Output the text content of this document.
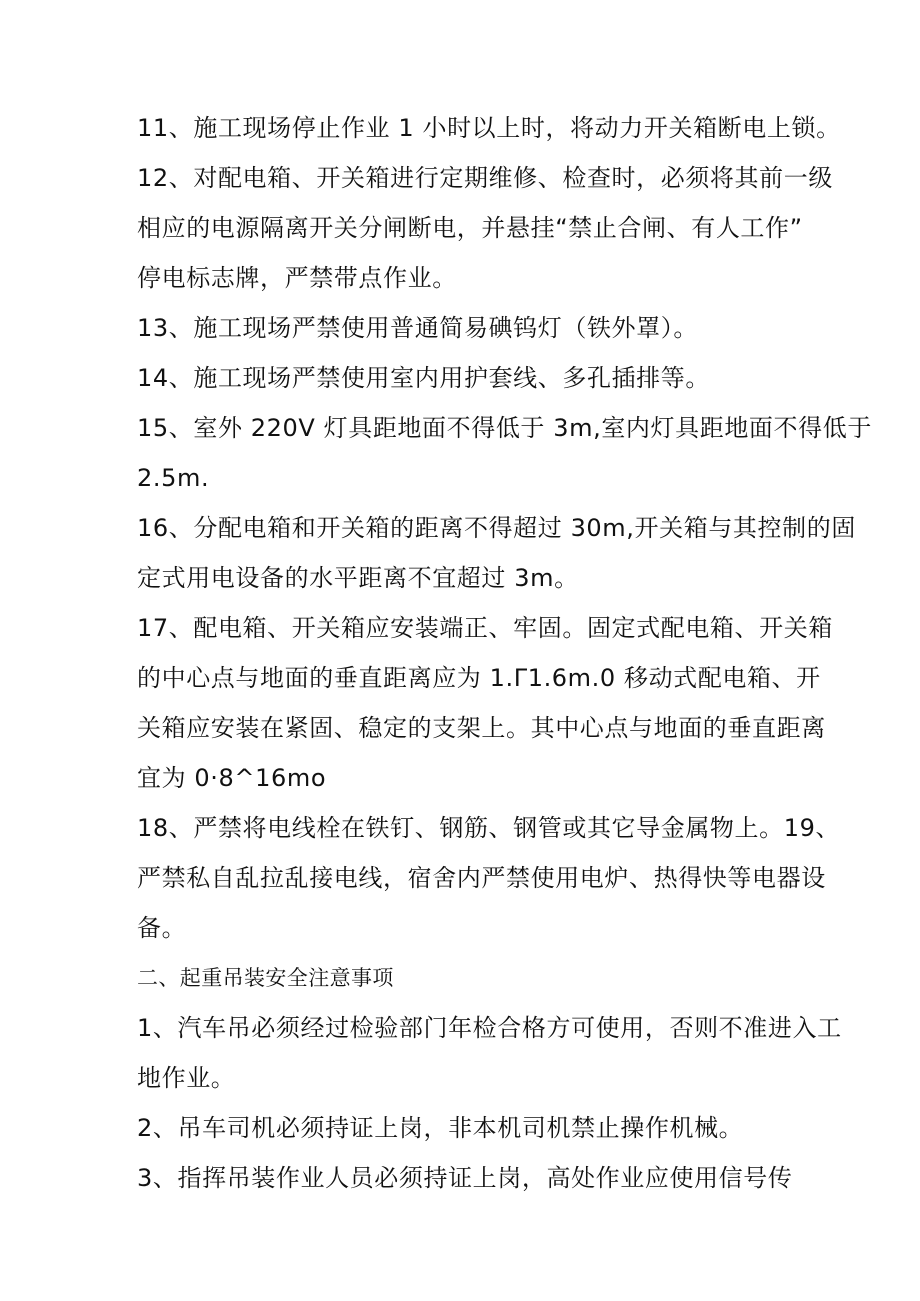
11、施工现场停止作业 1 小时以上时，将动力开关箱断电上锁。

12、对配电箱、开关箱进行定期维修、检查时，必须将其前一级

相应的电源隔离开关分闸断电，并悬挂“禁止合闸、有人工作”

停电标志牌，严禁带点作业。

13、施工现场严禁使用普通简易碘钨灯（铁外罩）。

14、施工现场严禁使用室内用护套线、多孔插排等。

15、室外 220V 灯具距地面不得低于 3m,室内灯具距地面不得低于

2.5m.

16、分配电箱和开关箱的距离不得超过 30m,开关箱与其控制的固

定式用电设备的水平距离不宜超过 3m。

17、配电箱、开关箱应安装端正、牢固。固定式配电箱、开关箱

的中心点与地面的垂直距离应为 1.Γ1.6m.0 移动式配电箱、开

关箱应安装在紧固、稳定的支架上。其中心点与地面的垂直距离

宜为 0·8^16mo

18、严禁将电线栓在铁钉、钢筋、钢管或其它导金属物上。19、

严禁私自乱拉乱接电线，宿舍内严禁使用电炉、热得快等电器设

备。

二、起重吊装安全注意事项

1、汽车吊必须经过检验部门年检合格方可使用，否则不准进入工

地作业。

2、吊车司机必须持证上岗，非本机司机禁止操作机械。

3、指挥吊装作业人员必须持证上岗，高处作业应使用信号传
